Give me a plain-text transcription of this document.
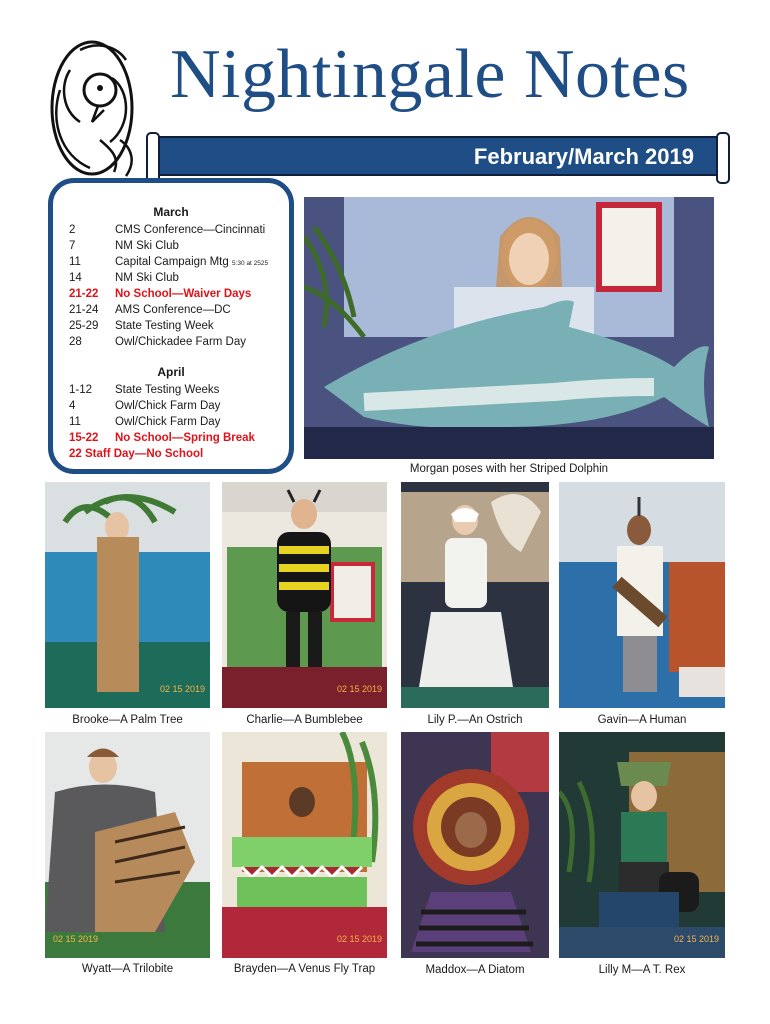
Nightingale Notes
February/March 2019
March
2	CMS Conference—Cincinnati
7	NM Ski Club
11	Capital Campaign Mtg 5:30 at 2525
14	NM Ski Club
21-22 No School—Waiver Days
21-24 AMS Conference—DC
25-29 State Testing Week
28	Owl/Chickadee Farm Day
April
1-12 State Testing Weeks
4	Owl/Chick Farm Day
11	Owl/Chick Farm Day
15-22 No School—Spring Break
22 Staff Day—No School
Morgan poses with her Striped Dolphin
02 15 2019	02 15 2019
Brooke—A Palm Tree	Charlie—A Bumblebee	Lily P.—An Ostrich	Gavin—A Human
02 15 2019	02 15 2019	02 15 2019
Wyatt—A Trilobite	Brayden—A Venus Fly Trap	Maddox—A Diatom	Lilly M—A T. Rex
